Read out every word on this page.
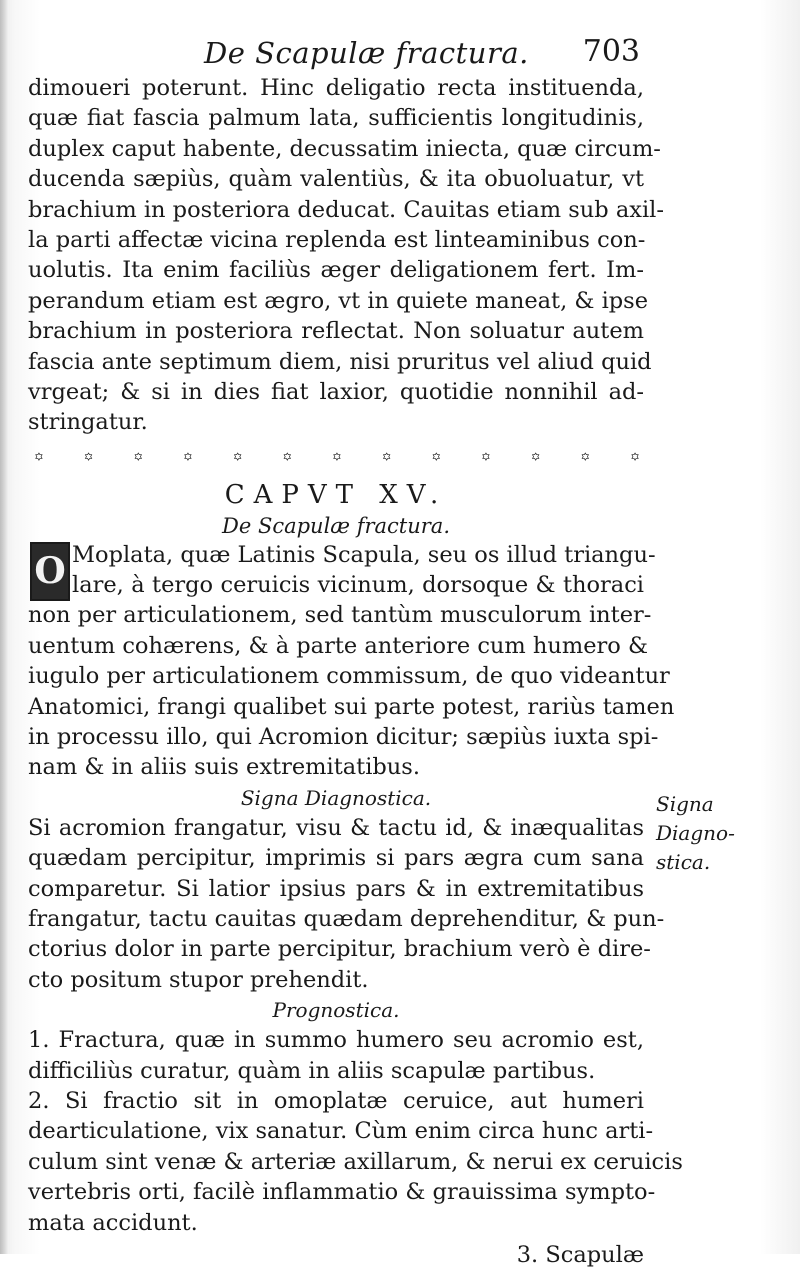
De Scapulæ fractura. 703
dimoueri poterunt. Hinc deligatio recta instituenda,
quæ fiat fascia palmum lata, sufficientis longitudinis,
duplex caput habente, decussatim iniecta, quæ circum-
ducenda sæpiùs, quàm valentiùs, & ita obuoluatur, vt
brachium in posteriora deducat. Cauitas etiam sub axil-
la parti affectæ vicina replenda est linteaminibus con-
uolutis. Ita enim faciliùs æger deligationem fert. Im-
perandum etiam est ægro, vt in quiete maneat, & ipse
brachium in posteriora reflectat. Non soluatur autem
fascia ante septimum diem, nisi pruritus vel aliud quid
vrgeat; & si in dies fiat laxior, quotidie nonnihil ad-
stringatur.
꙳ ꙳ ꙳ ꙳ ꙳ ꙳ ꙳ ꙳ ꙳ ꙳ ꙳ ꙳ ꙳
CAPVT XV.
De Scapulæ fractura.
O Moplata, quæ Latinis Scapula, seu os illud triangu-
lare, à tergo ceruicis vicinum, dorsoque & thoraci
non per articulationem, sed tantùm musculorum inter-
uentum cohærens, & à parte anteriore cum humero &
iugulo per articulationem commissum, de quo videantur
Anatomici, frangi qualibet sui parte potest, rariùs tamen
in processu illo, qui Acromion dicitur; sæpiùs iuxta spi-
nam & in aliis suis extremitatibus.
Signa Diagnostica.
Si acromion frangatur, visu & tactu id, & inæqualitas
quædam percipitur, imprimis si pars ægra cum sana
comparetur. Si latior ipsius pars & in extremitatibus
frangatur, tactu cauitas quædam deprehenditur, & pun-
ctorius dolor in parte percipitur, brachium verò è dire-
cto positum stupor prehendit.
Prognostica.
1. Fractura, quæ in summo humero seu acromio est,
difficiliùs curatur, quàm in aliis scapulæ partibus.
2. Si fractio sit in omoplatæ ceruice, aut humeri
dearticulatione, vix sanatur. Cùm enim circa hunc arti-
culum sint venæ & arteriæ axillarum, & nerui ex ceruicis
vertebris orti, facilè inflammatio & grauissima sympto-
mata accidunt.
3. Scapulæ
Signa
Diagno-
stica.
